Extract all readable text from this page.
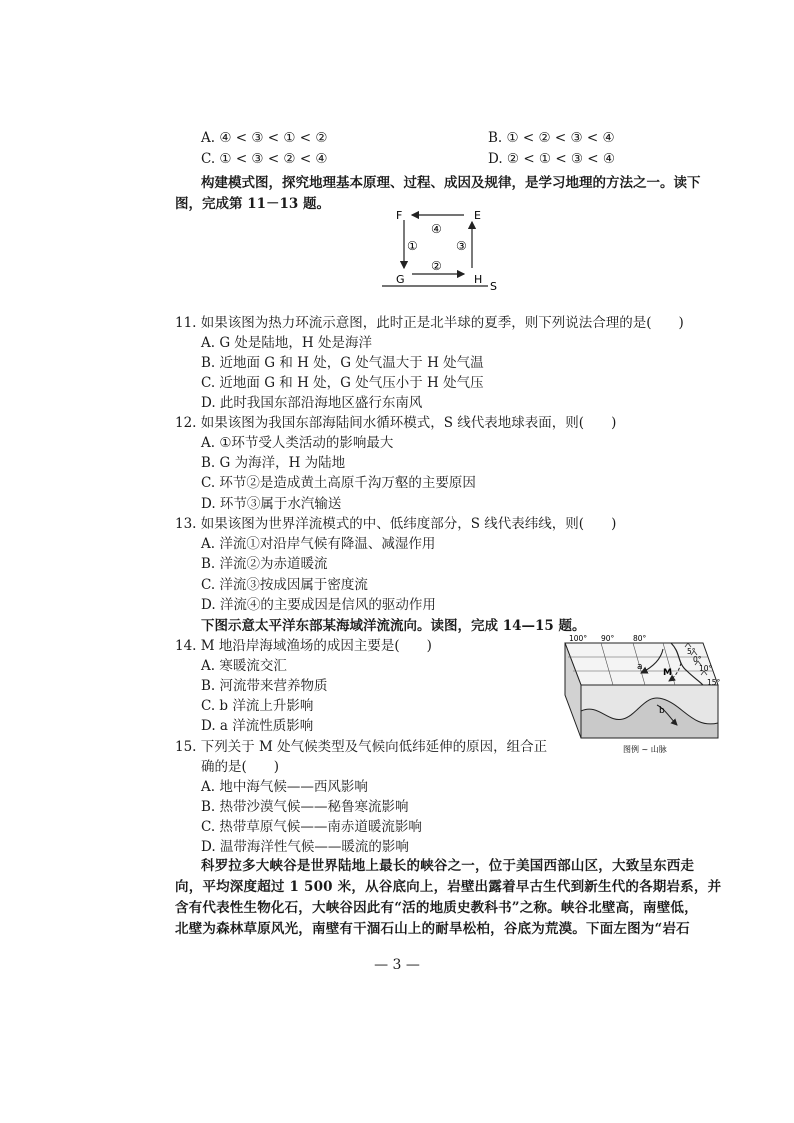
A. ④ < ③ < ① < ②	B. ① < ② < ③ < ④
C. ① < ③ < ② < ④	D. ② < ① < ③ < ④
构建模式图，探究地理基本原理、过程、成因及规律，是学习地理的方法之一。读下
图，完成第 11－13 题。
F	E
G	H
S
④
①	③
②
11. 如果该图为热力环流示意图，此时正是北半球的夏季，则下列说法合理的是(　　)
A. G 处是陆地，H 处是海洋
B. 近地面 G 和 H 处，G 处气温大于 H 处气温
C. 近地面 G 和 H 处，G 处气压小于 H 处气压
D. 此时我国东部沿海地区盛行东南风
12. 如果该图为我国东部海陆间水循环模式，S 线代表地球表面，则(　　)
A. ①环节受人类活动的影响最大
B. G 为海洋，H 为陆地
C. 环节②是造成黄土高原千沟万壑的主要原因
D. 环节③属于水汽输送
13. 如果该图为世界洋流模式的中、低纬度部分，S 线代表纬线，则(　　)
A. 洋流①对沿岸气候有降温、减湿作用
B. 洋流②为赤道暖流
C. 洋流③按成因属于密度流
D. 洋流④的主要成因是信风的驱动作用
下图示意太平洋东部某海域洋流流向。读图，完成 14—15 题。
14. M 地沿岸海域渔场的成因主要是(　　)
A. 寒暖流交汇
B. 河流带来营养物质
C. b 洋流上升影响
D. a 洋流性质影响
15. 下列关于 M 处气候类型及气候向低纬延伸的原因，组合正
确的是(　　)
A. 地中海气候——西风影响
B. 热带沙漠气候——秘鲁寒流影响
C. 热带草原气候——南赤道暖流影响
D. 温带海洋性气候——暖流的影响
100° 90° 80°
5°
0°
10°
15°
a
M
b
图例 ~ 山脉

科罗拉多大峡谷是世界陆地上最长的峡谷之一，位于美国西部山区，大致呈东西走

向，平均深度超过 1 500 米，从谷底向上，岩壁出露着早古生代到新生代的各期岩系，并

含有代表性生物化石，大峡谷因此有“活的地质史教科书”之称。峡谷北壁高，南壁低，

北壁为森林草原风光，南壁有干涸石山上的耐旱松柏，谷底为荒漠。下面左图为“岩石

— 3 —
